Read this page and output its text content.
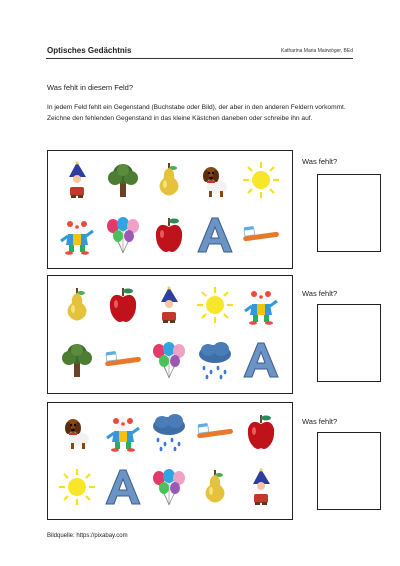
Optisches Gedächtnis	Katharina Maria Mairwöger, BEd
Was fehlt in diesem Feld?
In jedem Feld fehlt ein Gegenstand (Buchstabe oder Bild), der aber in den anderen Feldern vorkommt. Zeichne den fehlenden Gegenstand in das kleine Kästchen daneben oder schreibe ihn auf.
Was fehlt?
Was fehlt?
Was fehlt?
Bildquelle: https://pixabay.com
